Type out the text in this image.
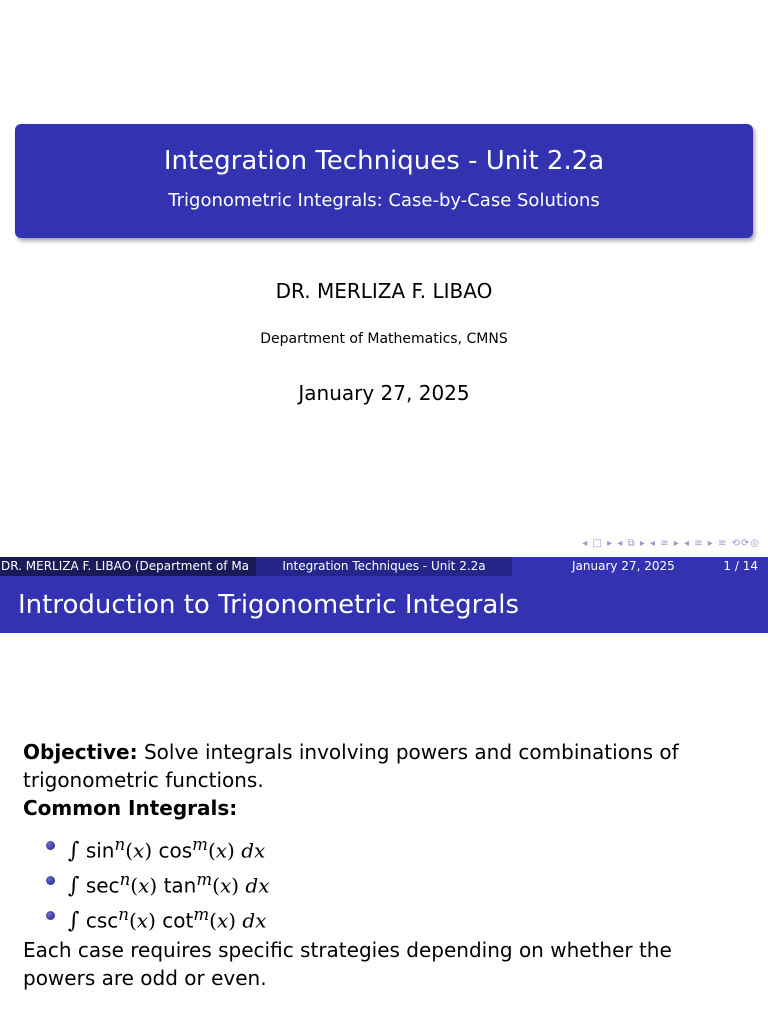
Integration Techniques - Unit 2.2a
Trigonometric Integrals: Case-by-Case Solutions
DR. MERLIZA F. LIBAO
Department of Mathematics, CMNS
January 27, 2025
◂ □ ▸ ◂ ⧉ ▸ ◂ ≡ ▸ ◂ ≡ ▸ ≡ ⟲⟳◎
DR. MERLIZA F. LIBAO (Department of Ma	Integration Techniques - Unit 2.2a	January 27, 2025	1 / 14
Introduction to Trigonometric Integrals
Objective: Solve integrals involving powers and combinations of trigonometric functions.
Common Integrals:
∫ $\sin^n(x)$ $\cos^m(x)$ dx
∫ $\sec^n(x)$ $\tan^m(x)$ dx
∫ $\csc^n(x)$ $\cot^m(x)$ dx
Each case requires specific strategies depending on whether the powers are odd or even.
